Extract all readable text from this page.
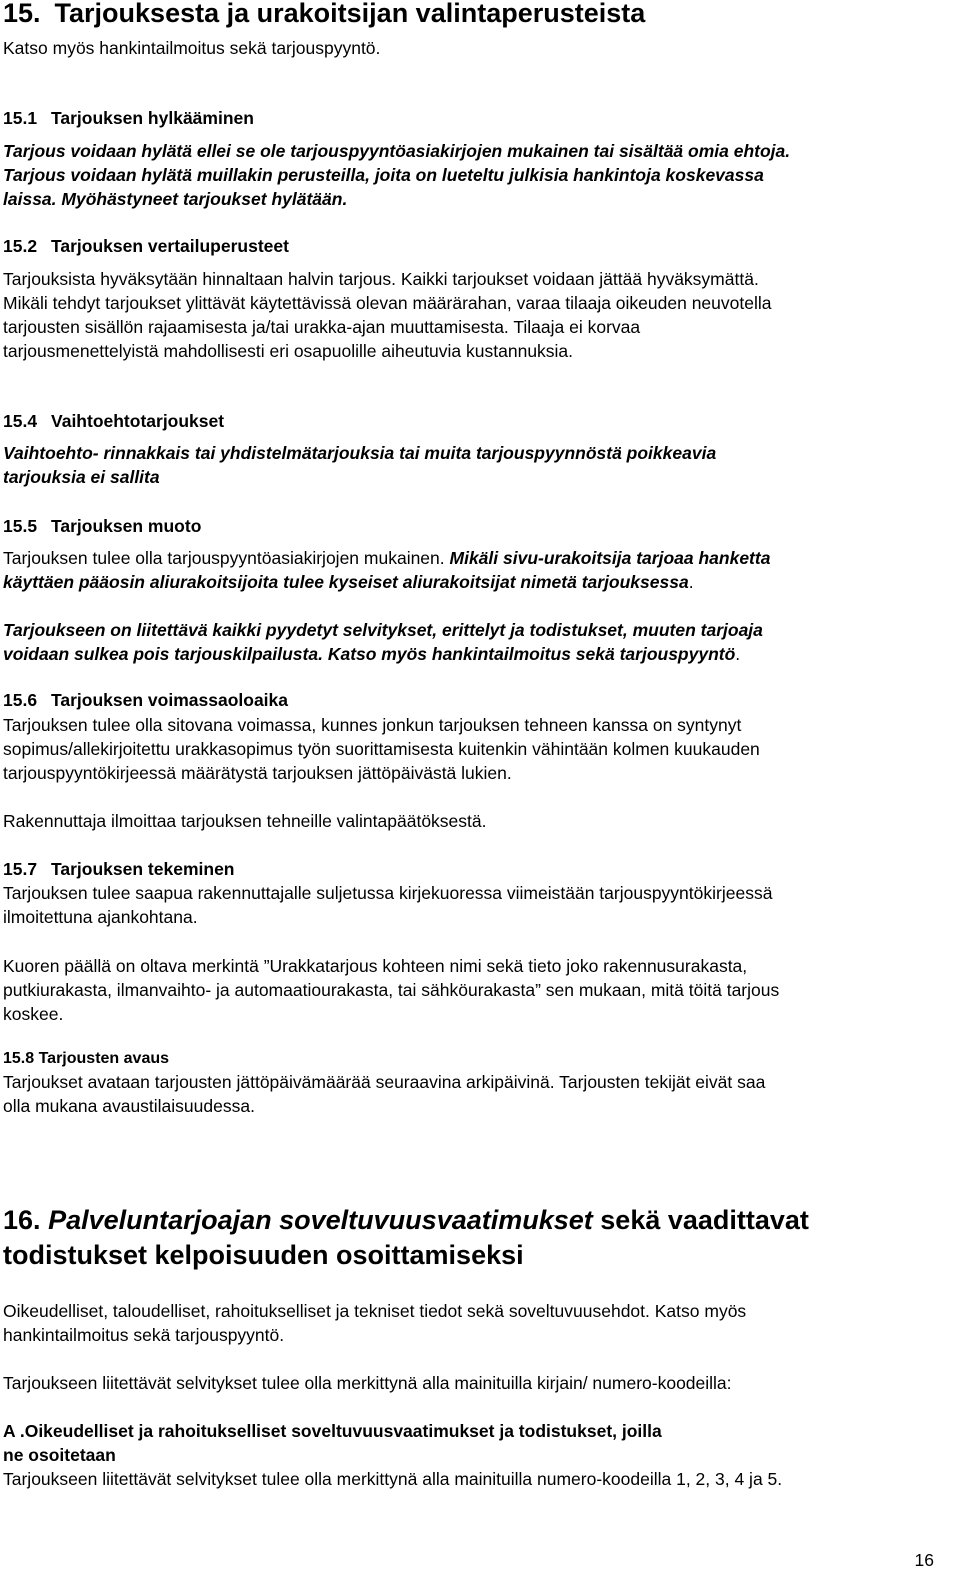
15. Tarjouksesta ja urakoitsijan valintaperusteista

Katso myös hankintailmoitus sekä tarjouspyyntö.

15.1 Tarjouksen hylkääminen

Tarjous voidaan hylätä ellei se ole tarjouspyyntöasiakirjojen mukainen tai sisältää omia ehtoja.

Tarjous voidaan hylätä muillakin perusteilla, joita on lueteltu julkisia hankintoja koskevassa

laissa. Myöhästyneet tarjoukset hylätään.

15.2 Tarjouksen vertailuperusteet

Tarjouksista hyväksytään hinnaltaan halvin tarjous. Kaikki tarjoukset voidaan jättää hyväksymättä.

Mikäli tehdyt tarjoukset ylittävät käytettävissä olevan määrärahan, varaa tilaaja oikeuden neuvotella

tarjousten sisällön rajaamisesta ja/tai urakka-ajan muuttamisesta. Tilaaja ei korvaa

tarjousmenettelyistä mahdollisesti eri osapuolille aiheutuvia kustannuksia.

15.4 Vaihtoehtotarjoukset

Vaihtoehto- rinnakkais tai yhdistelmätarjouksia tai muita tarjouspyynnöstä poikkeavia

tarjouksia ei sallita

15.5 Tarjouksen muoto

Tarjouksen tulee olla tarjouspyyntöasiakirjojen mukainen. Mikäli sivu-urakoitsija tarjoaa hanketta

käyttäen pääosin aliurakoitsijoita tulee kyseiset aliurakoitsijat nimetä tarjouksessa.

Tarjoukseen on liitettävä kaikki pyydetyt selvitykset, erittelyt ja todistukset, muuten tarjoaja

voidaan sulkea pois tarjouskilpailusta. Katso myös hankintailmoitus sekä tarjouspyyntö.

15.6 Tarjouksen voimassaoloaika

Tarjouksen tulee olla sitovana voimassa, kunnes jonkun tarjouksen tehneen kanssa on syntynyt

sopimus/allekirjoitettu urakkasopimus työn suorittamisesta kuitenkin vähintään kolmen kuukauden

tarjouspyyntökirjeessä määrätystä tarjouksen jättöpäivästä lukien.

Rakennuttaja ilmoittaa tarjouksen tehneille valintapäätöksestä.

15.7 Tarjouksen tekeminen

Tarjouksen tulee saapua rakennuttajalle suljetussa kirjekuoressa viimeistään tarjouspyyntökirjeessä

ilmoitettuna ajankohtana.

Kuoren päällä on oltava merkintä ”Urakkatarjous kohteen nimi sekä tieto joko rakennusurakasta,

putkiurakasta, ilmanvaihto- ja automaatiourakasta, tai sähköurakasta” sen mukaan, mitä töitä tarjous

koskee.

15.8 Tarjousten avaus

Tarjoukset avataan tarjousten jättöpäivämäärää seuraavina arkipäivinä. Tarjousten tekijät eivät saa

olla mukana avaustilaisuudessa.

16. Palveluntarjoajan soveltuvuusvaatimukset sekä vaadittavat

todistukset kelpoisuuden osoittamiseksi

Oikeudelliset, taloudelliset, rahoitukselliset ja tekniset tiedot sekä soveltuvuusehdot. Katso myös

hankintailmoitus sekä tarjouspyyntö.

Tarjoukseen liitettävät selvitykset tulee olla merkittynä alla mainituilla kirjain/ numero-koodeilla:

A .Oikeudelliset ja rahoitukselliset soveltuvuusvaatimukset ja todistukset, joilla

ne osoitetaan

Tarjoukseen liitettävät selvitykset tulee olla merkittynä alla mainituilla numero-koodeilla 1, 2, 3, 4 ja 5.

16
